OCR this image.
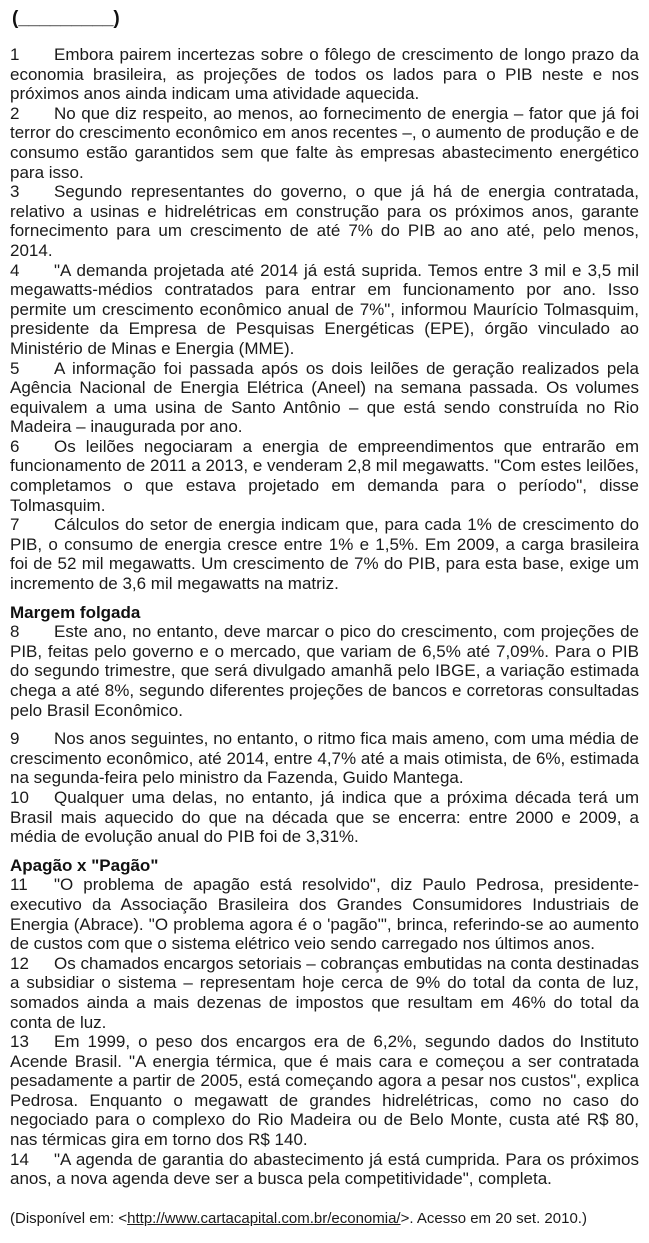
(_________)

1 Embora pairem incertezas sobre o fôlego de crescimento de longo prazo da economia brasileira, as projeções de todos os lados para o PIB neste e nos próximos anos ainda indicam uma atividade aquecida.

2 No que diz respeito, ao menos, ao fornecimento de energia – fator que já foi terror do crescimento econômico em anos recentes –, o aumento de produção e de consumo estão garantidos sem que falte às empresas abastecimento energético para isso.

3 Segundo representantes do governo, o que já há de energia contratada, relativo a usinas e hidrelétricas em construção para os próximos anos, garante fornecimento para um crescimento de até 7% do PIB ao ano até, pelo menos, 2014.

4 "A demanda projetada até 2014 já está suprida. Temos entre 3 mil e 3,5 mil megawatts-médios contratados para entrar em funcionamento por ano. Isso permite um crescimento econômico anual de 7%", informou Maurício Tolmasquim, presidente da Empresa de Pesquisas Energéticas (EPE), órgão vinculado ao Ministério de Minas e Energia (MME).

5 A informação foi passada após os dois leilões de geração realizados pela Agência Nacional de Energia Elétrica (Aneel) na semana passada. Os volumes equivalem a uma usina de Santo Antônio – que está sendo construída no Rio Madeira – inaugurada por ano.

6 Os leilões negociaram a energia de empreendimentos que entrarão em funcionamento de 2011 a 2013, e venderam 2,8 mil megawatts. "Com estes leilões, completamos o que estava projetado em demanda para o período", disse Tolmasquim.

7 Cálculos do setor de energia indicam que, para cada 1% de crescimento do PIB, o consumo de energia cresce entre 1% e 1,5%. Em 2009, a carga brasileira foi de 52 mil megawatts. Um crescimento de 7% do PIB, para esta base, exige um incremento de 3,6 mil megawatts na matriz.

Margem folgada

8 Este ano, no entanto, deve marcar o pico do crescimento, com projeções de PIB, feitas pelo governo e o mercado, que variam de 6,5% até 7,09%. Para o PIB do segundo trimestre, que será divulgado amanhã pelo IBGE, a variação estimada chega a até 8%, segundo diferentes projeções de bancos e corretoras consultadas pelo Brasil Econômico.

9 Nos anos seguintes, no entanto, o ritmo fica mais ameno, com uma média de crescimento econômico, até 2014, entre 4,7% até a mais otimista, de 6%, estimada na segunda-feira pelo ministro da Fazenda, Guido Mantega.

10 Qualquer uma delas, no entanto, já indica que a próxima década terá um Brasil mais aquecido do que na década que se encerra: entre 2000 e 2009, a média de evolução anual do PIB foi de 3,31%.

Apagão x "Pagão"

11 "O problema de apagão está resolvido", diz Paulo Pedrosa, presidente-executivo da Associação Brasileira dos Grandes Consumidores Industriais de Energia (Abrace). "O problema agora é o 'pagão'", brinca, referindo-se ao aumento de custos com que o sistema elétrico veio sendo carregado nos últimos anos.

12 Os chamados encargos setoriais – cobranças embutidas na conta destinadas a subsidiar o sistema – representam hoje cerca de 9% do total da conta de luz, somados ainda a mais dezenas de impostos que resultam em 46% do total da conta de luz.

13 Em 1999, o peso dos encargos era de 6,2%, segundo dados do Instituto Acende Brasil. "A energia térmica, que é mais cara e começou a ser contratada pesadamente a partir de 2005, está começando agora a pesar nos custos", explica Pedrosa. Enquanto o megawatt de grandes hidrelétricas, como no caso do negociado para o complexo do Rio Madeira ou de Belo Monte, custa até R$ 80, nas térmicas gira em torno dos R$ 140.

14 "A agenda de garantia do abastecimento já está cumprida. Para os próximos anos, a nova agenda deve ser a busca pela competitividade", completa.

(Disponível em: <http://www.cartacapital.com.br/economia/>. Acesso em 20 set. 2010.)
